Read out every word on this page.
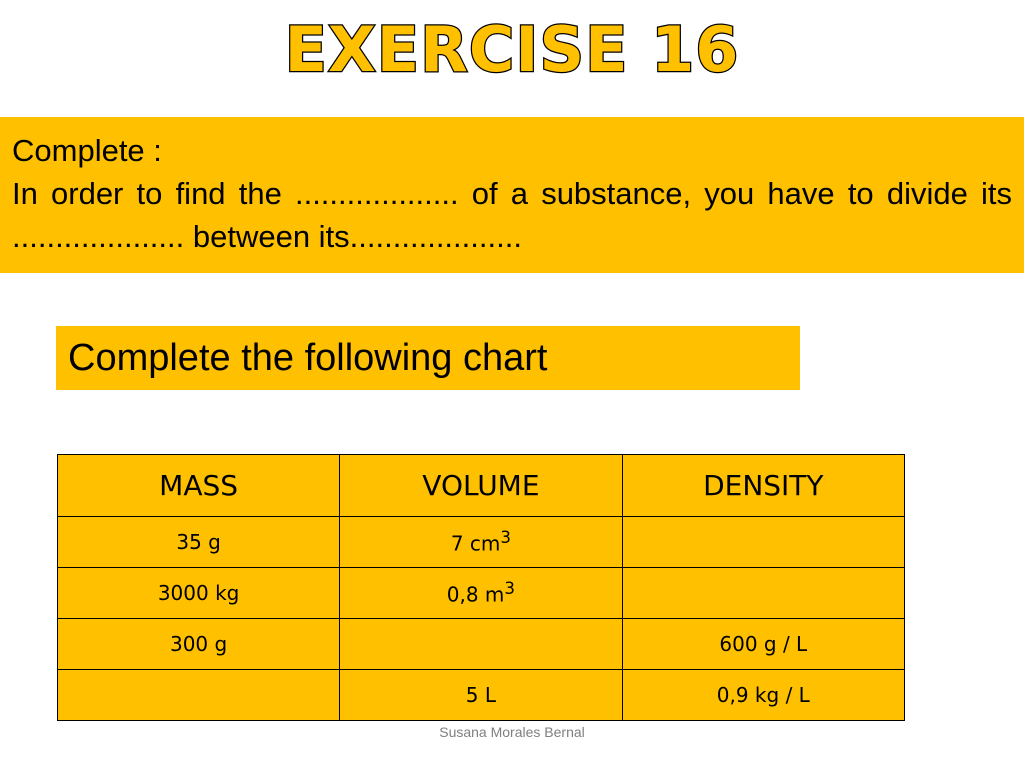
EXERCISE 16
Complete :
In order to find the ................... of a substance, you have to divide its .................... between its....................
Complete the following chart
MASS	VOLUME	DENSITY
35 g	7 $cm^3$	
3000 kg	0,8 $m^3$	
300 g		600 g / L
	5 L	0,9 kg / L
Susana Morales Bernal
